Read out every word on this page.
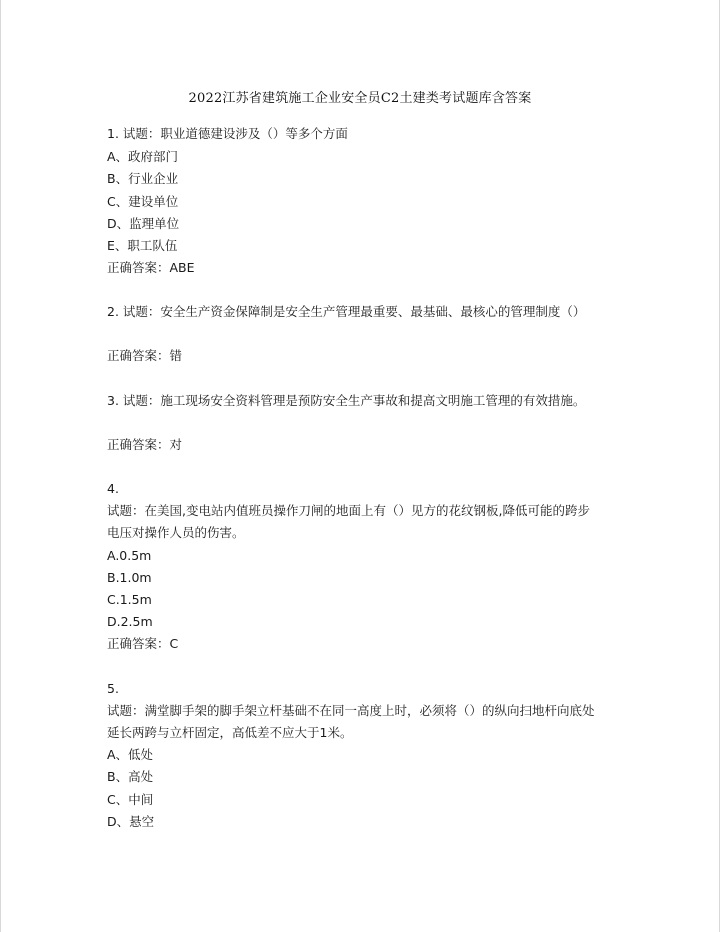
2022江苏省建筑施工企业安全员C2土建类考试题库含答案
1. 试题：职业道德建设涉及（）等多个方面
A、政府部门
B、行业企业
C、建设单位
D、监理单位
E、职工队伍
正确答案：ABE
2. 试题：安全生产资金保障制是安全生产管理最重要、最基础、最核心的管理制度（）
正确答案：错
3. 试题：施工现场安全资料管理是预防安全生产事故和提高文明施工管理的有效措施。
正确答案：对
4.
试题：在美国,变电站内值班员操作刀闸的地面上有（）见方的花纹钢板,降低可能的跨步
电压对操作人员的伤害。
A.0.5m
B.1.0m
C.1.5m
D.2.5m
正确答案：C
5.
试题：满堂脚手架的脚手架立杆基础不在同一高度上时，必须将（）的纵向扫地杆向底处
延长两跨与立杆固定，高低差不应大于1米。
A、低处
B、高处
C、中间
D、悬空
